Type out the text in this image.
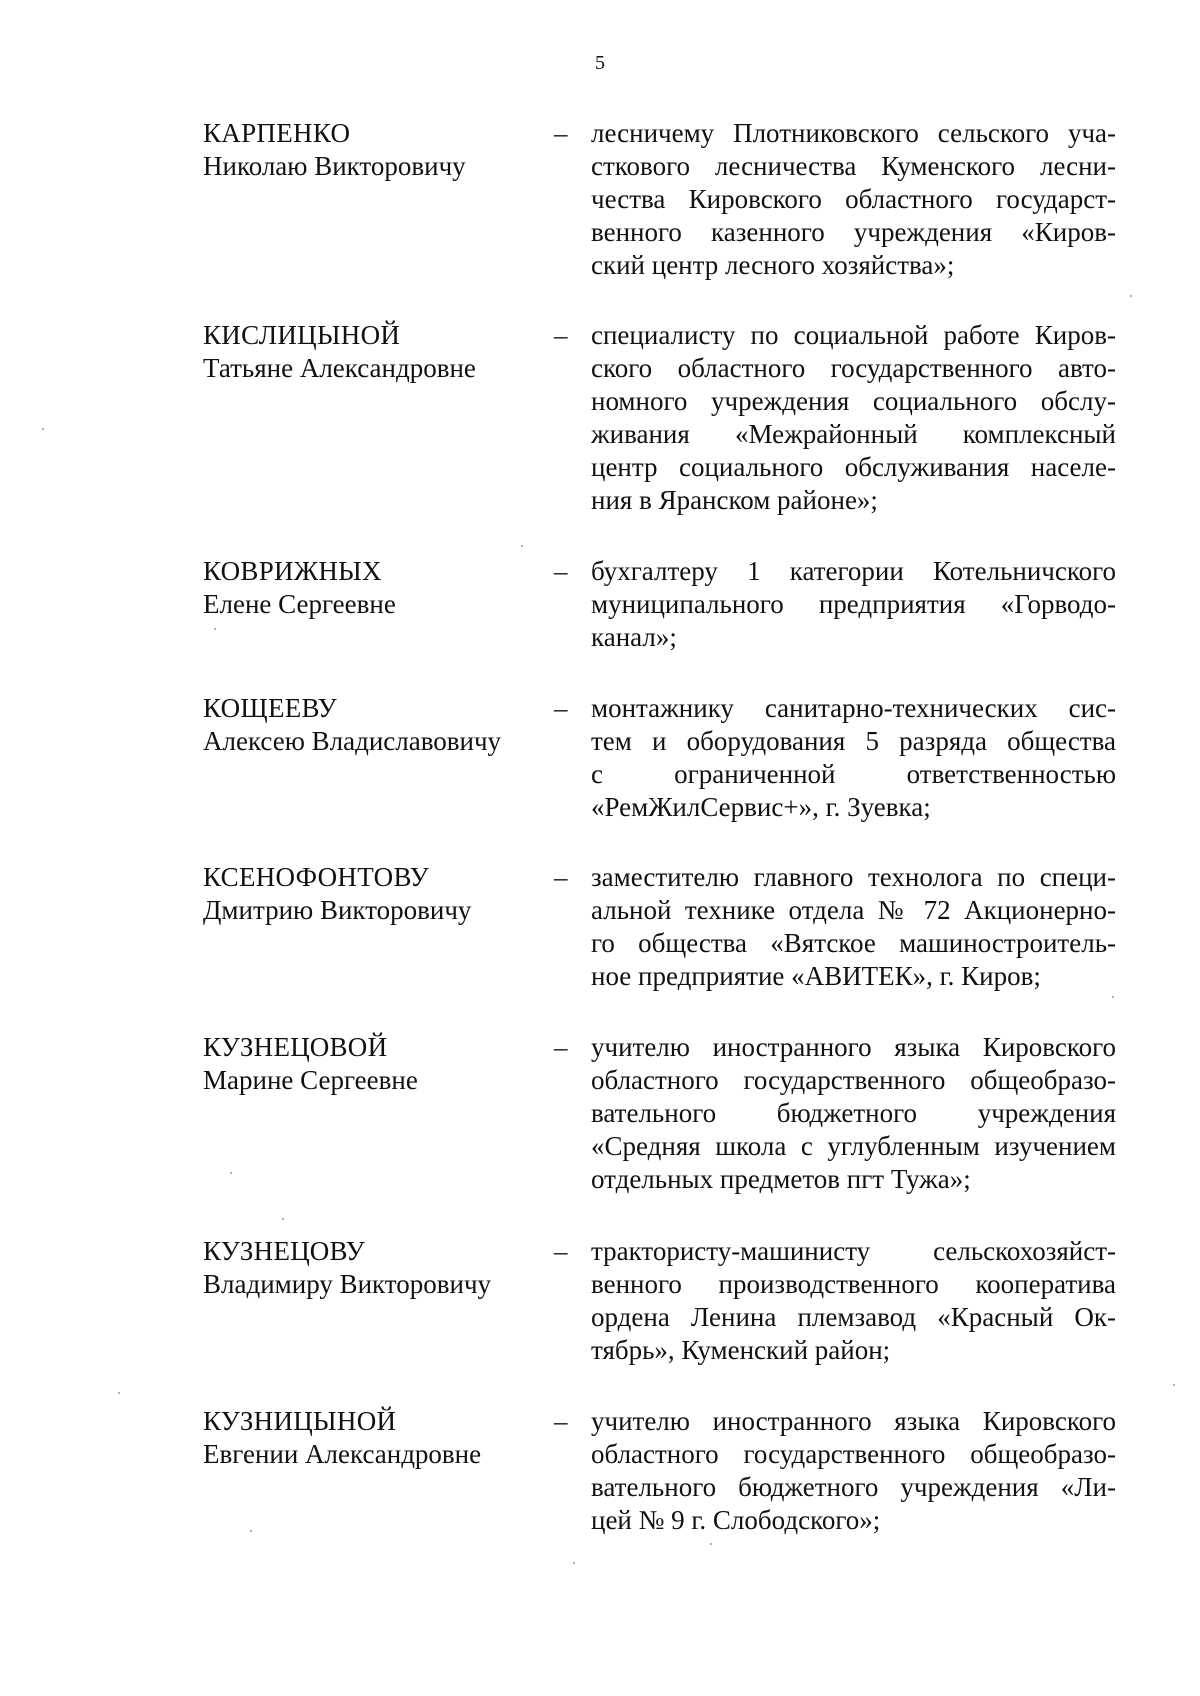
5
КАРПЕНКО
Николаю Викторовичу
– лесничему Плотниковского сельского уча-
сткового лесничества Куменского лесни-
чества Кировского областного государст-
венного казенного учреждения «Киров-
ский центр лесного хозяйства»;
КИСЛИЦЫНОЙ
Татьяне Александровне
– специалисту по социальной работе Киров-
ского областного государственного авто-
номного учреждения социального обслу-
живания «Межрайонный комплексный
центр социального обслуживания населе-
ния в Яранском районе»;
КОВРИЖНЫХ
Елене Сергеевне
– бухгалтеру 1 категории Котельничского
муниципального предприятия «Горводо-
канал»;
КОЩЕЕВУ
Алексею Владиславовичу
– монтажнику санитарно-технических сис-
тем и оборудования 5 разряда общества
с ограниченной ответственностью
«РемЖилСервис+», г. Зуевка;
КСЕНОФОНТОВУ
Дмитрию Викторовичу
– заместителю главного технолога по специ-
альной технике отдела № 72 Акционерно-
го общества «Вятское машиностроитель-
ное предприятие «АВИТЕК», г. Киров;
КУЗНЕЦОВОЙ
Марине Сергеевне
– учителю иностранного языка Кировского
областного государственного общеобразо-
вательного бюджетного учреждения
«Средняя школа с углубленным изучением
отдельных предметов пгт Тужа»;
КУЗНЕЦОВУ
Владимиру Викторовичу
– трактористу-машинисту сельскохозяйст-
венного производственного кооператива
ордена Ленина племзавод «Красный Ок-
тябрь», Куменский район;
КУЗНИЦЫНОЙ
Евгении Александровне
– учителю иностранного языка Кировского
областного государственного общеобразо-
вательного бюджетного учреждения «Ли-
цей № 9 г. Слободского»;
